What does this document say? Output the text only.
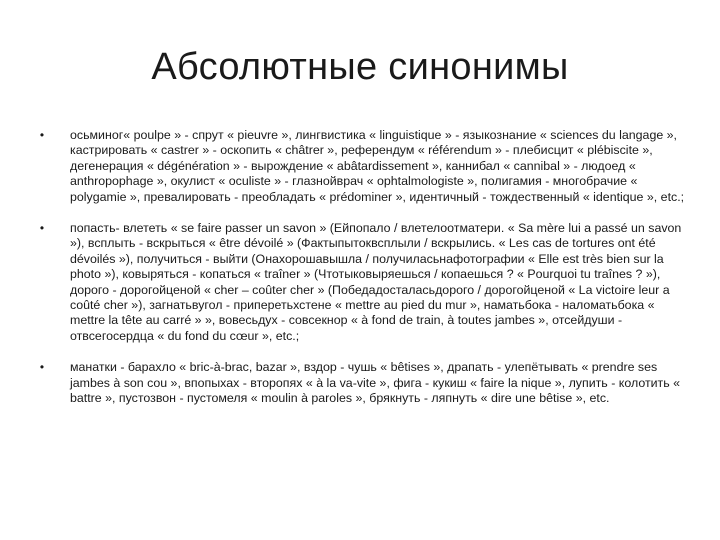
Абсолютные синонимы
•	осьминог« poulpe » - спрут « pieuvre », лингвистика « linguistique » - языкознание « sciences du langage », кастрировать « castrer » - оскопить « châtrer », референдум « référendum » - плебисцит « plébiscite », дегенерация « dégénération » - вырождение « abâtardissement », каннибал « cannibal » - людоед « anthropophage », окулист « oculiste » - глазнойврач « ophtalmologiste », полигамия - многобрачие « polygamie », превалировать - преобладать « prédominer », идентичный - тождественный « identique », etc.;
•	попасть- влететь « se faire passer un savon » (Ейпопало / влетелоотматери. « Sa mère lui a passé un savon »), всплыть - вскрыться « être dévoilé » (Фактыпытоквсплыли / вскрылись. « Les cas de tortures ont été dévoilés »), получиться - выйти (Онахорошавышла / получиласьнафотографии « Elle est très bien sur la photo »), ковыряться - копаться « traîner » (Чтотыковыряешься / копаешься ? « Pourquoi tu traînes ? »), дорого - дорогойценой « cher – coûter cher » (Победадосталасьдорого / дорогойценой « La victoire leur a coûté cher »), загнатьвугол - приперетьхстене « mettre au pied du mur », наматьбока - наломатьбока « mettre la tête au carré » », вовесьдух - совсекнор « à fond de train, à toutes jambes », отсейдуши - отвсегосердца « du fond du cœur », etc.;
•	манатки - барахло « bric-à-brac, bazar », вздор - чушь « bêtises », драпать - улепётывать « prendre ses jambes à son cou », впопыхах - второпях « à la va-vite », фига - кукиш « faire la nique », лупить - колотить « battre », пустозвон - пустомеля « moulin à paroles », брякнуть - ляпнуть « dire une bêtise », etc.
